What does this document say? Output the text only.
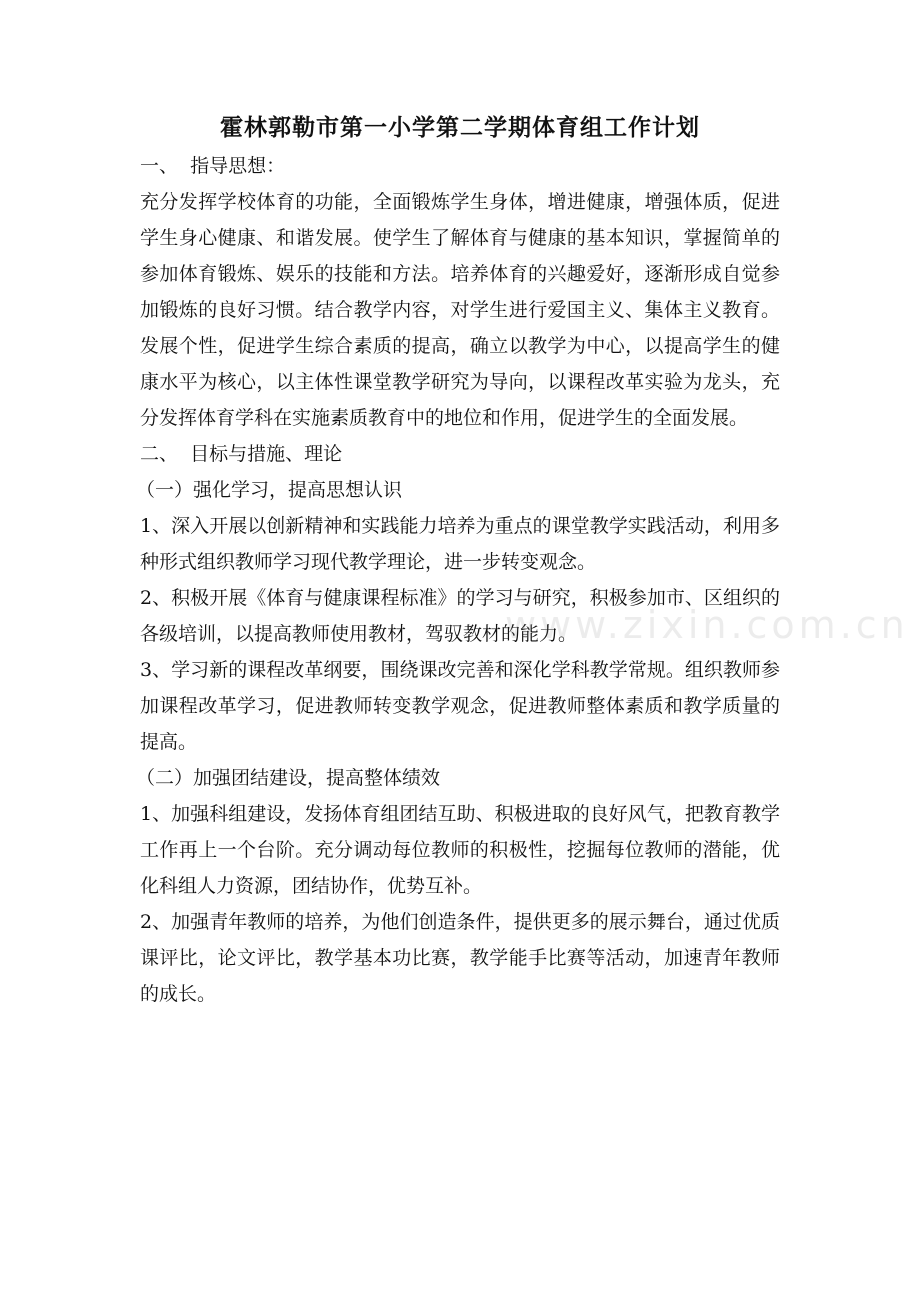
霍林郭勒市第一小学第二学期体育组工作计划

一、  指导思想：

充分发挥学校体育的功能，全面锻炼学生身体，增进健康，增强体质，促进学生身心健康、和谐发展。使学生了解体育与健康的基本知识，掌握简单的参加体育锻炼、娱乐的技能和方法。培养体育的兴趣爱好，逐渐形成自觉参加锻炼的良好习惯。结合教学内容，对学生进行爱国主义、集体主义教育。发展个性，促进学生综合素质的提高，确立以教学为中心，以提高学生的健康水平为核心，以主体性课堂教学研究为导向，以课程改革实验为龙头，充分发挥体育学科在实施素质教育中的地位和作用，促进学生的全面发展。

二、  目标与措施、理论

（一）强化学习，提高思想认识

1、深入开展以创新精神和实践能力培养为重点的课堂教学实践活动，利用多种形式组织教师学习现代教学理论，进一步转变观念。

2、积极开展《体育与健康课程标准》的学习与研究，积极参加市、区组织的各级培训，以提高教师使用教材，驾驭教材的能力。

3、学习新的课程改革纲要，围绕课改完善和深化学科教学常规。组织教师参加课程改革学习，促进教师转变教学观念，促进教师整体素质和教学质量的提高。

（二）加强团结建设，提高整体绩效

1、加强科组建设，发扬体育组团结互助、积极进取的良好风气，把教育教学工作再上一个台阶。充分调动每位教师的积极性，挖掘每位教师的潜能，优化科组人力资源，团结协作，优势互补。

2、加强青年教师的培养，为他们创造条件，提供更多的展示舞台，通过优质课评比，论文评比，教学基本功比赛，教学能手比赛等活动，加速青年教师的成长。

www.zixin.com.cn
